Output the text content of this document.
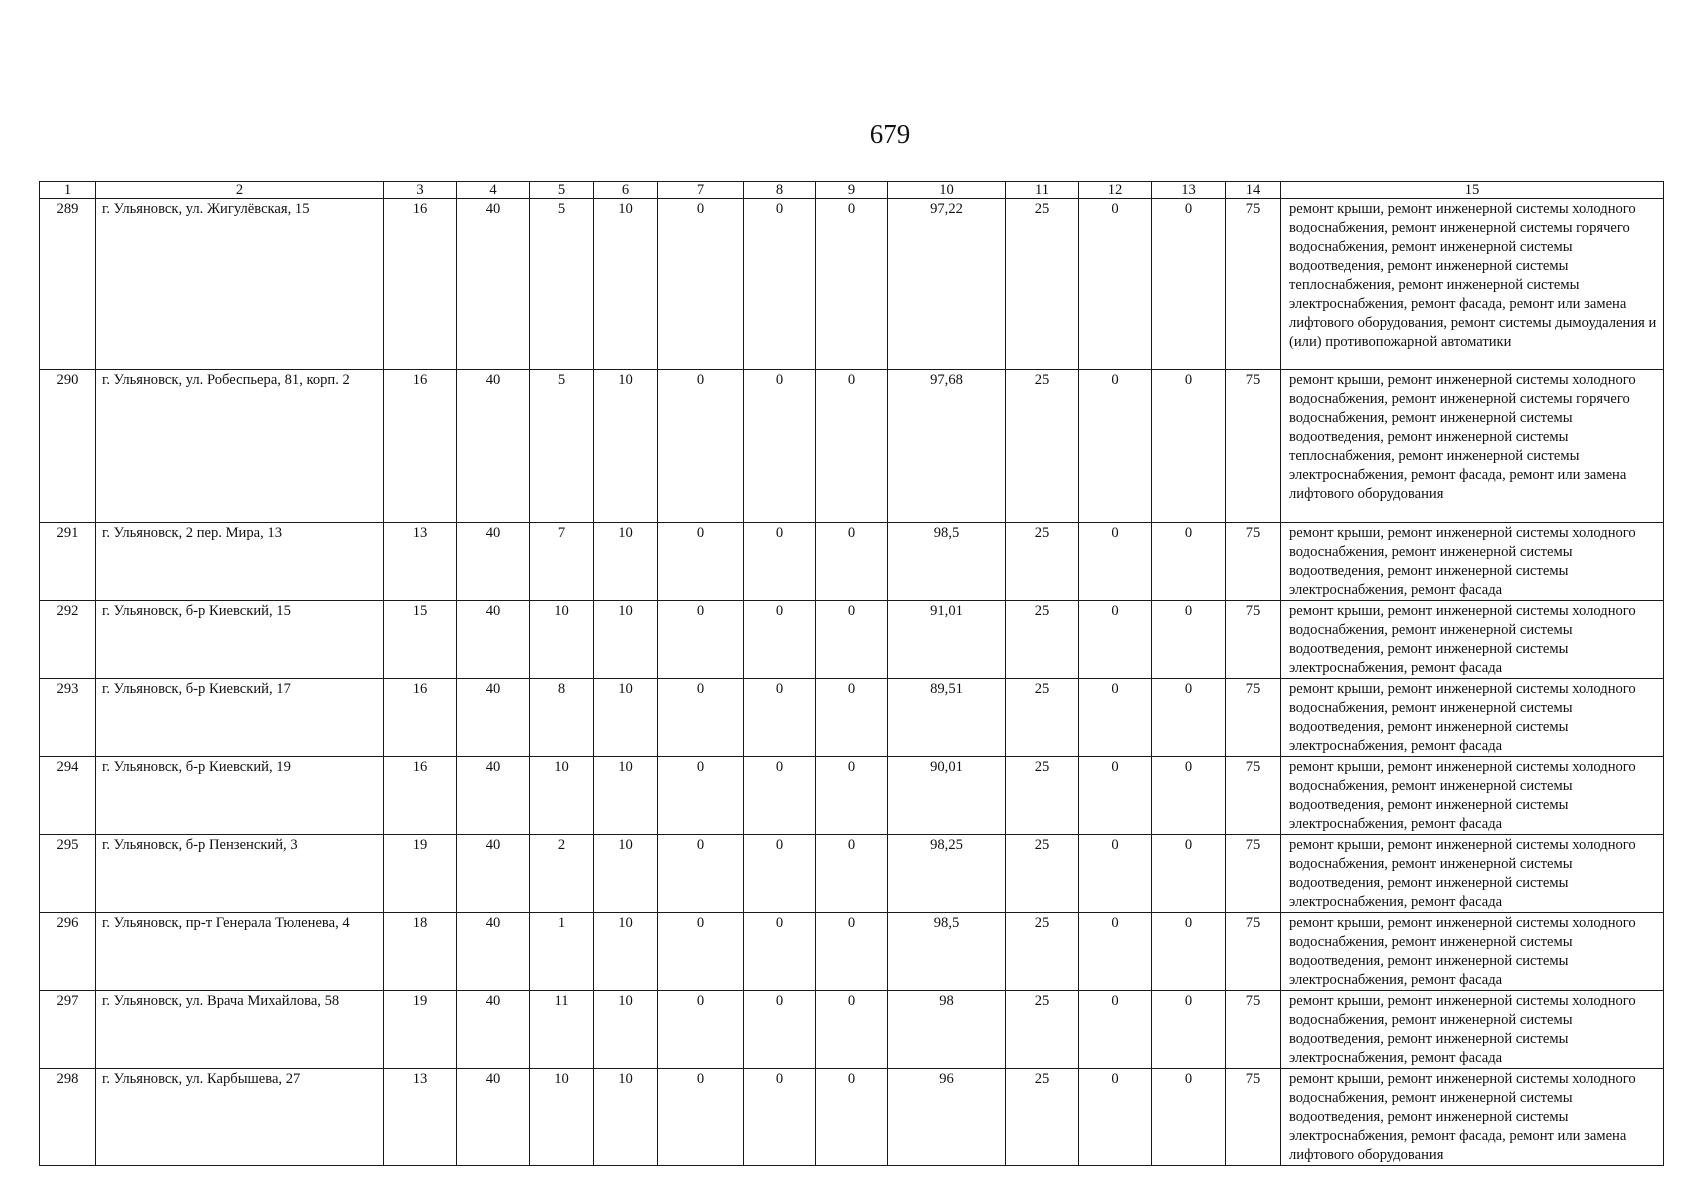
679
1	2	3	4	5	6	7	8	9	10	11	12	13	14	15
289	г. Ульяновск, ул. Жигулёвская, 15	16	40	5	10	0	0	0	97,22	25	0	0	75	ремонт крыши, ремонт инженерной системы холодного водоснабжения, ремонт инженерной системы горячего водоснабжения, ремонт инженерной системы водоотведения, ремонт инженерной системы теплоснабжения, ремонт инженерной системы электроснабжения, ремонт фасада, ремонт или замена лифтового оборудования, ремонт системы дымоудаления и (или) противопожарной автоматики
290	г. Ульяновск, ул. Робеспьера, 81, корп. 2	16	40	5	10	0	0	0	97,68	25	0	0	75	ремонт крыши, ремонт инженерной системы холодного водоснабжения, ремонт инженерной системы горячего водоснабжения, ремонт инженерной системы водоотведения, ремонт инженерной системы теплоснабжения, ремонт инженерной системы электроснабжения, ремонт фасада, ремонт или замена лифтового оборудования
291	г. Ульяновск, 2 пер. Мира, 13	13	40	7	10	0	0	0	98,5	25	0	0	75	ремонт крыши, ремонт инженерной системы холодного водоснабжения, ремонт инженерной системы водоотведения, ремонт инженерной системы электроснабжения, ремонт фасада
292	г. Ульяновск, б-р Киевский, 15	15	40	10	10	0	0	0	91,01	25	0	0	75	ремонт крыши, ремонт инженерной системы холодного водоснабжения, ремонт инженерной системы водоотведения, ремонт инженерной системы электроснабжения, ремонт фасада
293	г. Ульяновск, б-р Киевский, 17	16	40	8	10	0	0	0	89,51	25	0	0	75	ремонт крыши, ремонт инженерной системы холодного водоснабжения, ремонт инженерной системы водоотведения, ремонт инженерной системы электроснабжения, ремонт фасада
294	г. Ульяновск, б-р Киевский, 19	16	40	10	10	0	0	0	90,01	25	0	0	75	ремонт крыши, ремонт инженерной системы холодного водоснабжения, ремонт инженерной системы водоотведения, ремонт инженерной системы электроснабжения, ремонт фасада
295	г. Ульяновск, б-р Пензенский, 3	19	40	2	10	0	0	0	98,25	25	0	0	75	ремонт крыши, ремонт инженерной системы холодного водоснабжения, ремонт инженерной системы водоотведения, ремонт инженерной системы электроснабжения, ремонт фасада
296	г. Ульяновск, пр-т Генерала Тюленева, 4	18	40	1	10	0	0	0	98,5	25	0	0	75	ремонт крыши, ремонт инженерной системы холодного водоснабжения, ремонт инженерной системы водоотведения, ремонт инженерной системы электроснабжения, ремонт фасада
297	г. Ульяновск, ул. Врача Михайлова, 58	19	40	11	10	0	0	0	98	25	0	0	75	ремонт крыши, ремонт инженерной системы холодного водоснабжения, ремонт инженерной системы водоотведения, ремонт инженерной системы электроснабжения, ремонт фасада
298	г. Ульяновск, ул. Карбышева, 27	13	40	10	10	0	0	0	96	25	0	0	75	ремонт крыши, ремонт инженерной системы холодного водоснабжения, ремонт инженерной системы водоотведения, ремонт инженерной системы электроснабжения, ремонт фасада, ремонт или замена лифтового оборудования
